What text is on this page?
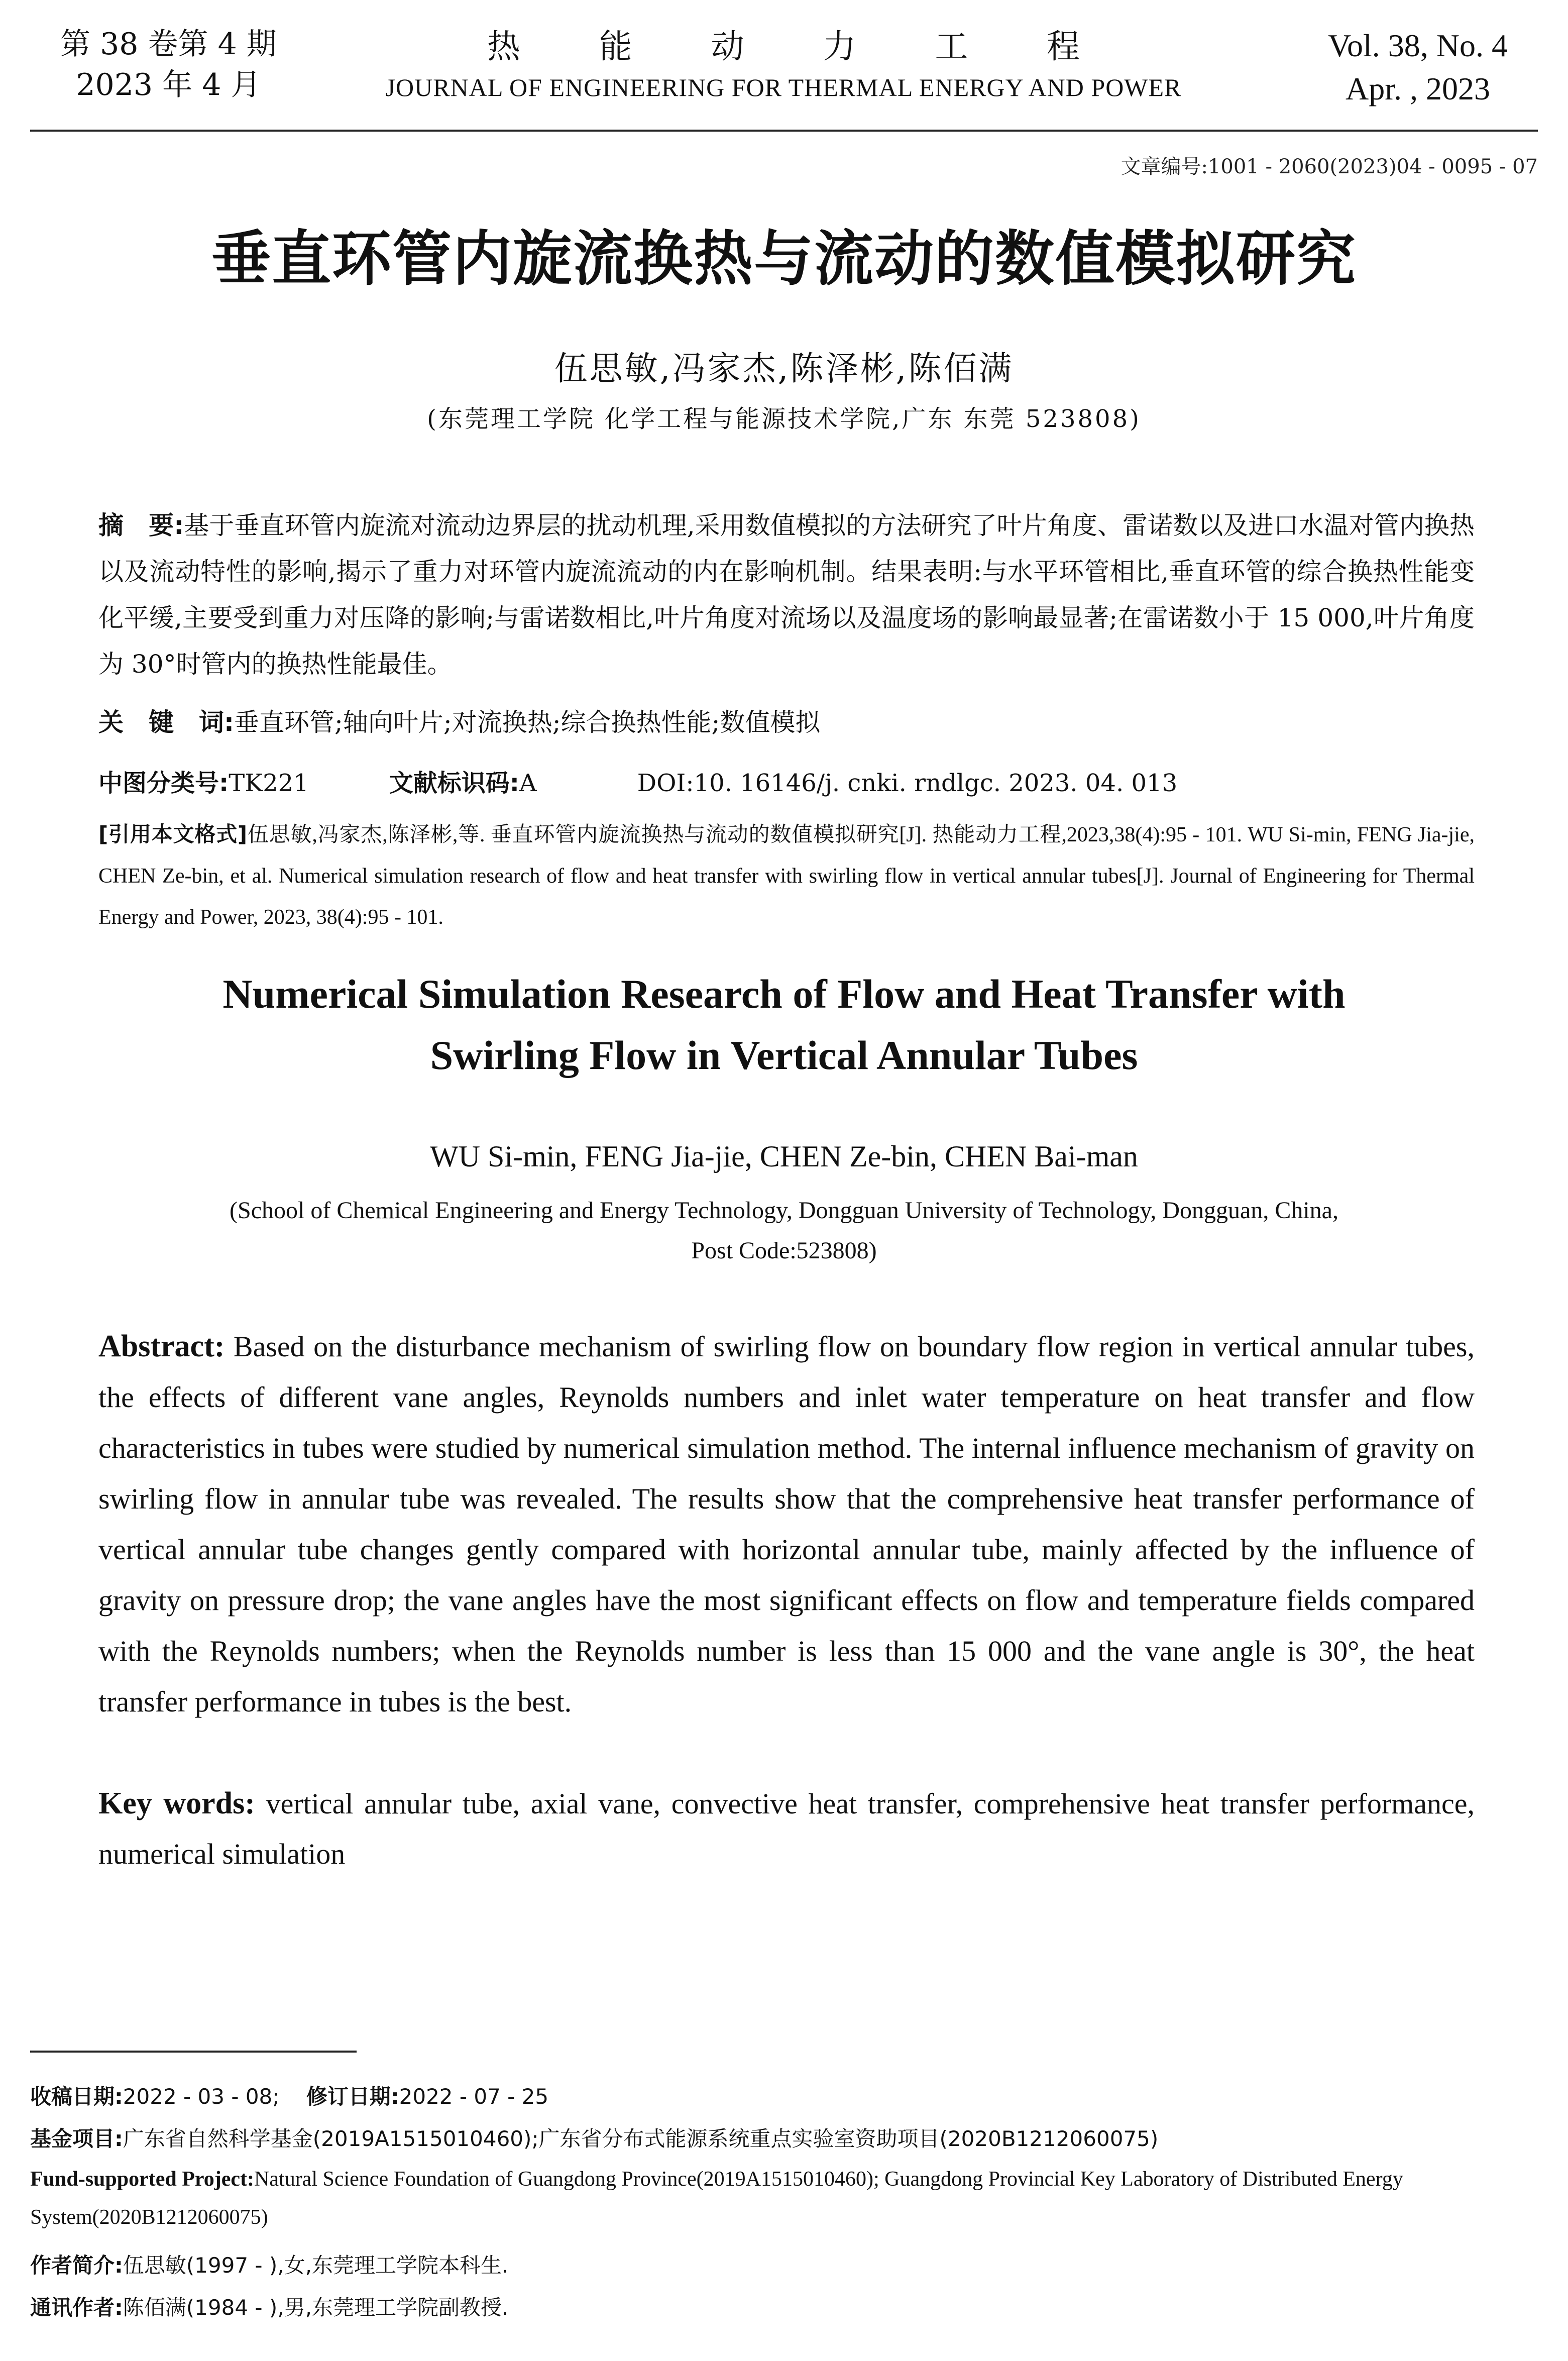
第 38 卷第 4 期
2023 年 4 月
热 能 动 力 工 程
JOURNAL OF ENGINEERING FOR THERMAL ENERGY AND POWER
Vol. 38, No. 4
Apr. , 2023
文章编号:1001 - 2060(2023)04 - 0095 - 07
垂直环管内旋流换热与流动的数值模拟研究
伍思敏,冯家杰,陈泽彬,陈佰满
(东莞理工学院 化学工程与能源技术学院,广东 东莞 523808)
摘　要:基于垂直环管内旋流对流动边界层的扰动机理,采用数值模拟的方法研究了叶片角度、雷诺数以及进口水温对管内换热以及流动特性的影响,揭示了重力对环管内旋流流动的内在影响机制。结果表明:与水平环管相比,垂直环管的综合换热性能变化平缓,主要受到重力对压降的影响;与雷诺数相比,叶片角度对流场以及温度场的影响最显著;在雷诺数小于 15 000,叶片角度为 30°时管内的换热性能最佳。
关　键　词:垂直环管;轴向叶片;对流换热;综合换热性能;数值模拟
中图分类号:TK221	文献标识码:A	DOI:10. 16146/j. cnki. rndlgc. 2023. 04. 013
[引用本文格式]伍思敏,冯家杰,陈泽彬,等. 垂直环管内旋流换热与流动的数值模拟研究[J]. 热能动力工程,2023,38(4):95 - 101. WU Si-min, FENG Jia-jie, CHEN Ze-bin, et al. Numerical simulation research of flow and heat transfer with swirling flow in vertical annular tubes[J]. Journal of Engineering for Thermal Energy and Power, 2023, 38(4):95 - 101.
Numerical Simulation Research of Flow and Heat Transfer with
Swirling Flow in Vertical Annular Tubes
WU Si-min, FENG Jia-jie, CHEN Ze-bin, CHEN Bai-man
(School of Chemical Engineering and Energy Technology, Dongguan University of Technology, Dongguan, China,
Post Code:523808)
Abstract: Based on the disturbance mechanism of swirling flow on boundary flow region in vertical annular tubes, the effects of different vane angles, Reynolds numbers and inlet water temperature on heat transfer and flow characteristics in tubes were studied by numerical simulation method. The internal influence mechanism of gravity on swirling flow in annular tube was revealed. The results show that the comprehensive heat transfer performance of vertical annular tube changes gently compared with horizontal annular tube, mainly affected by the influence of gravity on pressure drop; the vane angles have the most significant effects on flow and temperature fields compared with the Reynolds numbers; when the Reynolds number is less than 15 000 and the vane angle is 30°, the heat transfer performance in tubes is the best.
Key words: vertical annular tube, axial vane, convective heat transfer, comprehensive heat transfer performance, numerical simulation
收稿日期:2022 - 03 - 08; 修订日期:2022 - 07 - 25
基金项目:广东省自然科学基金(2019A1515010460);广东省分布式能源系统重点实验室资助项目(2020B1212060075)
Fund-supported Project:Natural Science Foundation of Guangdong Province(2019A1515010460); Guangdong Provincial Key Laboratory of Distributed Energy System(2020B1212060075)
作者简介:伍思敏(1997 - ),女,东莞理工学院本科生.
通讯作者:陈佰满(1984 - ),男,东莞理工学院副教授.
